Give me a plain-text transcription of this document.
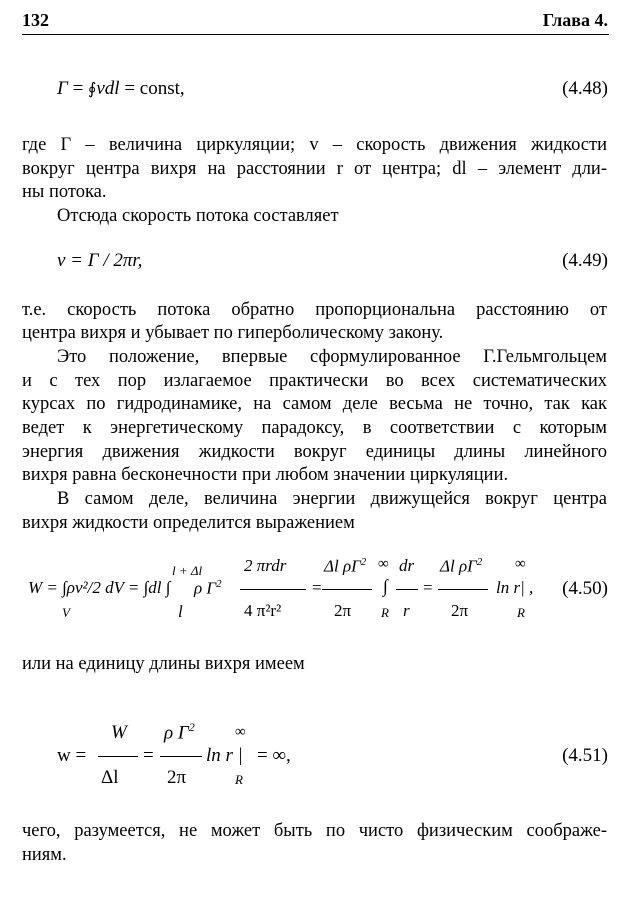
132	Глава 4.
Γ = ∮vdl = const,	(4.48)
где Γ – величина циркуляции; v – скорость движения жидкости
вокруг центра вихря на расстоянии r от центра; dl – элемент дли-
ны потока.
Отсюда скорость потока составляет
v = Γ / 2πr,	(4.49)
т.е. скорость потока обратно пропорциональна расстоянию от
центра вихря и убывает по гиперболическому закону.
Это положение, впервые сформулированное Г.Гельмгольцем
и с тех пор излагаемое практически во всех систематических
курсах по гидродинамике, на самом деле весьма не точно, так как
ведет к энергетическому парадоксу, в соответствии с которым
энергия движения жидкости вокруг единицы длины линейного
вихря равна бесконечности при любом значении циркуляции.
В самом деле, величина энергии движущейся вокруг центра
вихря жидкости определится выражением
W = ∫ρv²/2 dV = ∫dl ∫
V
l + Δl
l
ρ $\Gamma^2$
2 πrdr
4 π²r²
=
Δl $\rho\Gamma^2$
2π
∞
∫
R
dr
r
=
Δl $\rho\Gamma^2$
2π
ln r| ,
∞
R
(4.50)
или на единицу длины вихря имеем
w =
W
Δl
=
ρ $\Gamma^2$
2π
ln r |
∞
R
= ∞,	(4.51)
чего, разумеется, не может быть по чисто физическим соображе-
ниям.
